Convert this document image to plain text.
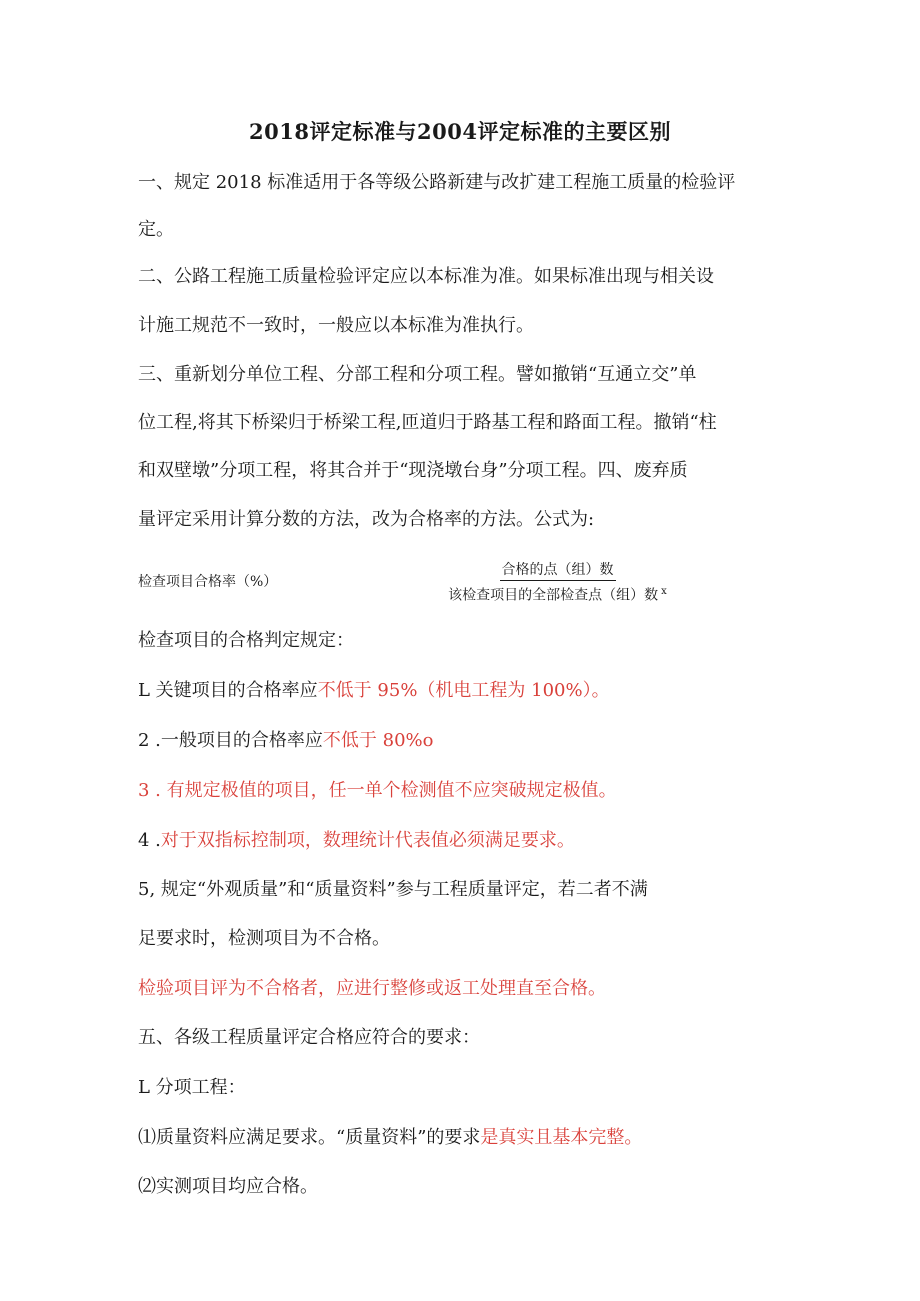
2018评定标准与2004评定标准的主要区别
一、规定 2018 标准适用于各等级公路新建与改扩建工程施工质量的检验评
定。
二、公路工程施工质量检验评定应以本标准为准。如果标准出现与相关设
计施工规范不一致时，一般应以本标准为准执行。
三、重新划分单位工程、分部工程和分项工程。譬如撤销“互通立交”单
位工程,将其下桥梁归于桥梁工程,匝道归于路基工程和路面工程。撤销“柱
和双壁墩”分项工程，将其合并于“现浇墩台身”分项工程。四、废弃质
量评定采用计算分数的方法，改为合格率的方法。公式为:
检查项目合格率（%）
合格的点（组）数
该检查项目的全部检查点（组）数 $^x$
检查项目的合格判定规定：
L 关键项目的合格率应不低于 95%（机电工程为 100%）。
2 .一般项目的合格率应不低于 80%o
3 . 有规定极值的项目，任一单个检测值不应突破规定极值。
4 .对于双指标控制项，数理统计代表值必须满足要求。
5, 规定“外观质量”和“质量资料”参与工程质量评定，若二者不满
足要求时，检测项目为不合格。
检验项目评为不合格者，应进行整修或返工处理直至合格。
五、各级工程质量评定合格应符合的要求：
L 分项工程：
⑴质量资料应满足要求。“质量资料”的要求是真实且基本完整。
⑵实测项目均应合格。
